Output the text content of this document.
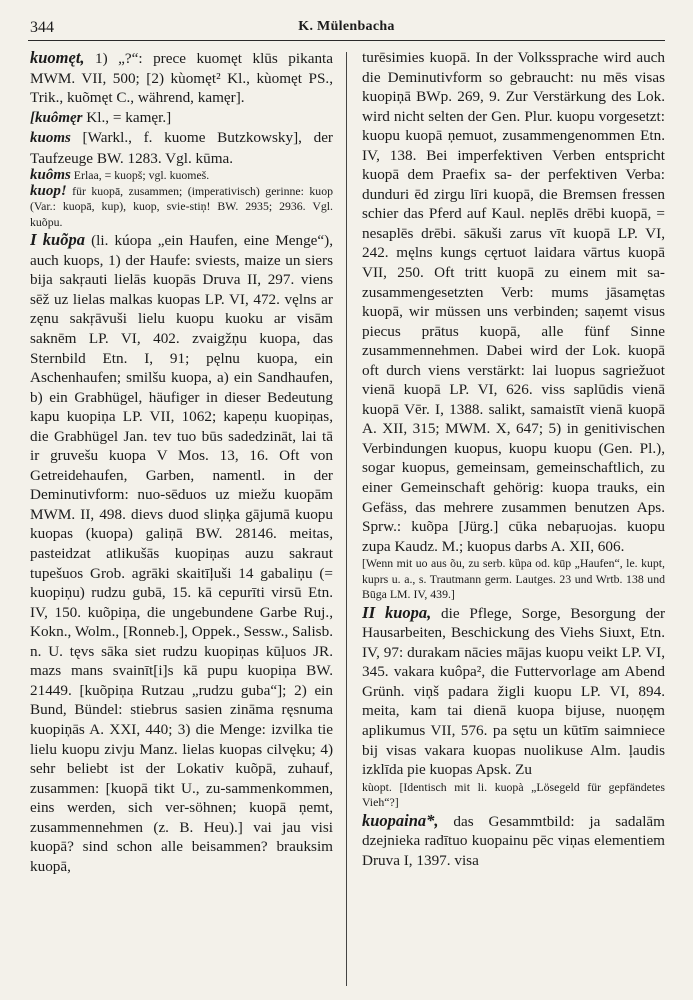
344	K. Mülenbacha

kuomęt, 1) „?“: prece kuomęt klūs pikanta MWM. VII, 500; [2) kùomęt² Kl., kùomęt PS., Trik., kuõmęt C., während, kamęr].

[kuômęr Kl., = kamęr.]

kuoms [Warkl., f. kuome Butzkowsky], der Taufzeuge BW. 1283. Vgl. kūma.

kuôms Erlaa, = kuopš; vgl. kuomeš.

kuop! für kuopā, zusammen; (imperativisch) gerinne: kuop (Var.: kuopā, kup), kuop, svie-stiņ! BW. 2935; 2936. Vgl. kuõpu.

I kuõpa (li. kúopa „ein Haufen, eine Menge“), auch kuops, 1) der Haufe: sviests, maize un siers bija sakŗauti lielās kuopās Druva II, 297. viens sēž uz lielas malkas kuopas LP. VI, 472. vęlns ar zęnu sakŗāvuši lielu kuopu kuoku ar visām saknēm LP. VI, 402. zvaigžņu kuopa, das Sternbild Etn. I, 91; pęlnu kuopa, ein Aschenhaufen; smilšu kuopa, a) ein Sandhaufen, b) ein Grabhügel, häufiger in dieser Bedeutung kapu kuopiņa LP. VII, 1062; kapeņu kuopiņas, die Grabhügel Jan. tev tuo būs sadedzināt, lai tā ir gruvešu kuopa V Mos. 13, 16. Oft von Getreidehaufen, Garben, namentl. in der Deminutivform: nuo-sēduos uz miežu kuopām MWM. II, 498. dievs duod sliņķa gājumā kuopu kuopas (kuopa) galiņā BW. 28146. meitas, pasteidzat atlikušās kuopiņas auzu sakraut tupešuos Grob. agrāki skaitīļuši 14 gabaliņu (= kuopiņu) rudzu gubā, 15. kā cepurīti virsū Etn. IV, 150. kuõpiņa, die ungebundene Garbe Ruj., Kokn., Wolm., [Ronneb.], Oppek., Sessw., Salisb. n. U. tęvs sāka siet rudzu kuopiņas kūļuos JR. mazs mans svainīt[i]s kā pupu kuopiņa BW. 21449. [kuõpiņa Rutzau „rudzu guba“]; 2) ein Bund, Bündel: stiebrus sasien zināma ręsnuma kuopiņās A. XXI, 440; 3) die Menge: izvilka tie lielu kuopu zivju Manz. lielas kuopas cilvęku; 4) sehr beliebt ist der Lokativ kuõpā, zuhauf, zusammen: [kuopā tikt U., zu-sammenkommen, eins werden, sich ver-söhnen; kuopā ņemt, zusammennehmen (z. B. Heu).] vai jau visi kuopā? sind schon alle beisammen? brauksim kuopā,

turēsimies kuopā. In der Volkssprache wird auch die Deminutivform so gebraucht: nu mēs visas kuopiņā BWp. 269, 9. Zur Verstärkung des Lok. wird nicht selten der Gen. Plur. kuopu vorgesetzt: kuopu kuopā ņemuot, zusammengenommen Etn. IV, 138. Bei imperfektiven Verben entspricht kuopā dem Praefix sa- der perfektiven Verba: dunduri ēd zirgu līri kuopā, die Bremsen fressen schier das Pferd auf Kaul. neplēs drēbi kuopā, = nesaplēs drēbi. sākuši zarus vīt kuopā LP. VI, 242. męlns kungs cęrtuot laidara vārtus kuopā VII, 250. Oft tritt kuopā zu einem mit sa- zusammengesetzten Verb: mums jāsamętas kuopā, wir müssen uns verbinden; saņemt visus piecus prātus kuopā, alle fünf Sinne zusammennehmen. Dabei wird der Lok. kuopā oft durch viens verstärkt: lai luopus sagriežuot vienā kuopā LP. VI, 626. viss saplūdis vienā kuopā Vēr. I, 1388. salikt, samaistīt vienā kuopā A. XII, 315; MWM. X, 647; 5) in genitivischen Verbindungen kuopus, kuopu kuopu (Gen. Pl.), sogar kuopus, gemeinsam, gemeinschaftlich, zu einer Gemeinschaft gehörig: kuopa trauks, ein Gefäss, das mehrere zusammen benutzen Aps. Sprw.: kuõpa [Jürg.] cūka nebaŗuojas. kuopu zupa Kaudz. M.; kuopus darbs A. XII, 606.

[Wenn mit uo aus õu, zu serb. kȕpa od. kūp „Haufen“, le. kupt, kuprs u. a., s. Trautmann germ. Lautges. 23 und Wrtb. 138 und Būga LM. IV, 439.]

II kuopa, die Pflege, Sorge, Besorgung der Hausarbeiten, Beschickung des Viehs Siuxt, Etn. IV, 97: durakam nācies mājas kuopu veikt LP. VI, 345. vakara kuôpa², die Futtervorlage am Abend Grünh. viņš padara žigli kuopu LP. VI, 894. meita, kam tai dienā kuopa bijuse, nuoņęm aplikumus VII, 576. pa sętu un kūtīm saimniece bij visas vakara kuopas nuolikuse Alm. ļaudis izklīda pie kuopas Apsk. Zu

kùopt. [Identisch mit li. kuopà „Lösegeld für gepfändetes Vieh“?]

kuopaina*, das Gesammtbild: ja sadalām dzejnieka radītuo kuopainu pēc viņas elementiem Druva I, 1397. visa
